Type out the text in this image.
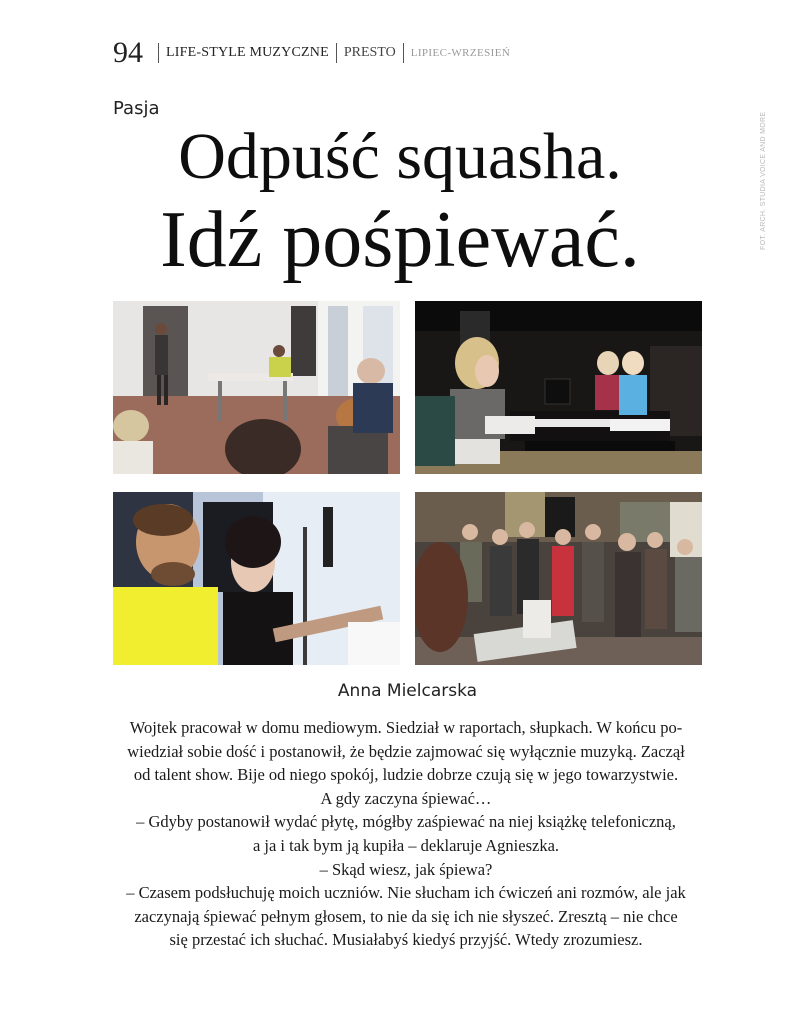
94 LIFE-STYLE MUZYCZNE PRESTO LIPIEC-WRZESIEŃ
FOT. ARCH. STUDIA VOICE AND MORE
Pasja
Odpuść squasha.
Idź pośpiewać.
Anna Mielcarska

Wojtek pracował w domu mediowym. Siedział w raportach, słupkach. W końcu po-

wiedział sobie dość i postanowił, że będzie zajmować się wyłącznie muzyką. Zaczął

od talent show. Bije od niego spokój, ludzie dobrze czują się w jego towarzystwie.

A gdy zaczyna śpiewać…

– Gdyby postanowił wydać płytę, mógłby zaśpiewać na niej książkę telefoniczną,

a ja i tak bym ją kupiła – deklaruje Agnieszka.

– Skąd wiesz, jak śpiewa?

– Czasem podsłuchuję moich uczniów. Nie słucham ich ćwiczeń ani rozmów, ale jak

zaczynają śpiewać pełnym głosem, to nie da się ich nie słyszeć. Zresztą – nie chce

się przestać ich słuchać. Musiałabyś kiedyś przyjść. Wtedy zrozumiesz.
